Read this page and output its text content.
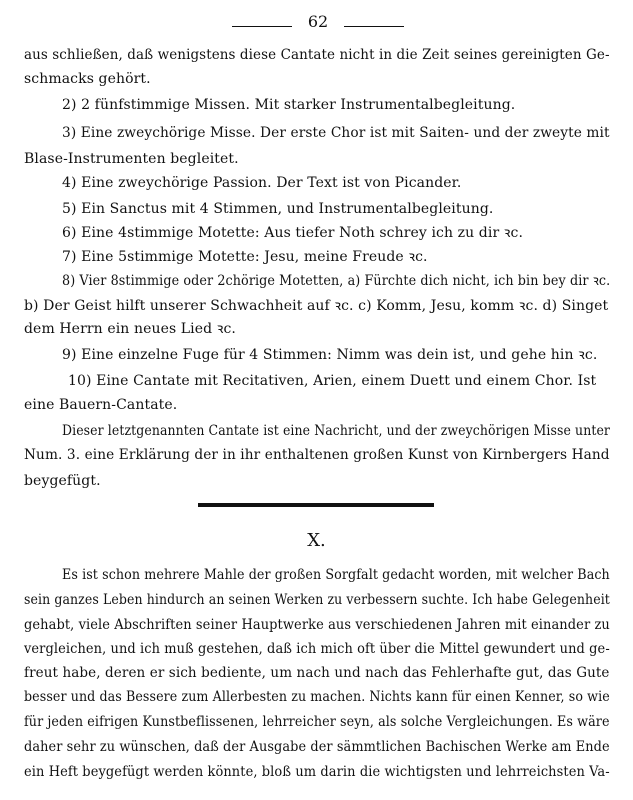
62
aus schließen, daß wenigstens diese Cantate nicht in die Zeit seines gereinigten Ge-
schmacks gehört.
2) 2 fünfstimmige Missen. Mit starker Instrumentalbegleitung.
3) Eine zweychörige Misse. Der erste Chor ist mit Saiten- und der zweyte mit
Blase-Instrumenten begleitet.
4) Eine zweychörige Passion. Der Text ist von Picander.
5) Ein Sanctus mit 4 Stimmen, und Instrumentalbegleitung.
6) Eine 4stimmige Motette: Aus tiefer Noth schrey ich zu dir ꝛc.
7) Eine 5stimmige Motette: Jesu, meine Freude ꝛc.
8) Vier 8stimmige oder 2chörige Motetten, a) Fürchte dich nicht, ich bin bey dir ꝛc.
b) Der Geist hilft unserer Schwachheit auf ꝛc. c) Komm, Jesu, komm ꝛc. d) Singet
dem Herrn ein neues Lied ꝛc.
9) Eine einzelne Fuge für 4 Stimmen: Nimm was dein ist, und gehe hin ꝛc.
10) Eine Cantate mit Recitativen, Arien, einem Duett und einem Chor. Ist
eine Bauern-Cantate.
Dieser letztgenannten Cantate ist eine Nachricht, und der zweychörigen Misse unter
Num. 3. eine Erklärung der in ihr enthaltenen großen Kunst von Kirnbergers Hand
beygefügt.
X.
Es ist schon mehrere Mahle der großen Sorgfalt gedacht worden, mit welcher Bach
sein ganzes Leben hindurch an seinen Werken zu verbessern suchte. Ich habe Gelegenheit
gehabt, viele Abschriften seiner Hauptwerke aus verschiedenen Jahren mit einander zu
vergleichen, und ich muß gestehen, daß ich mich oft über die Mittel gewundert und ge-
freut habe, deren er sich bediente, um nach und nach das Fehlerhafte gut, das Gute
besser und das Bessere zum Allerbesten zu machen. Nichts kann für einen Kenner, so wie
für jeden eifrigen Kunstbeflissenen, lehrreicher seyn, als solche Vergleichungen. Es wäre
daher sehr zu wünschen, daß der Ausgabe der sämmtlichen Bachischen Werke am Ende
ein Heft beygefügt werden könnte, bloß um darin die wichtigsten und lehrreichsten Va-
